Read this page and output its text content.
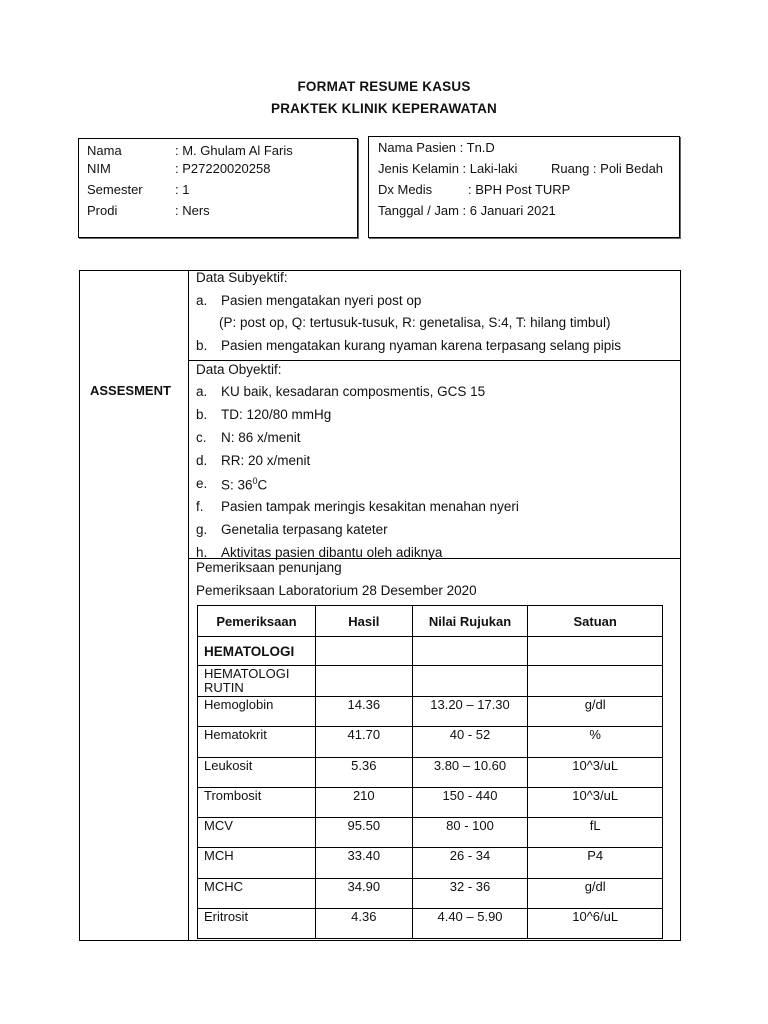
FORMAT RESUME KASUS
PRAKTEK KLINIK KEPERAWATAN
Nama	: M. Ghulam Al Faris
NIM	: P27220020258
Semester : 1
Prodi	: Ners
Nama Pasien : Tn.D
Jenis Kelamin : Laki-laki	Ruang : Poli Bedah
Dx Medis	: BPH Post TURP
Tanggal / Jam : 6 Januari 2021
ASSESMENT
Data Subyektif:
a. Pasien mengatakan nyeri post op
(P: post op, Q: tertusuk-tusuk, R: genetalisa, S:4, T: hilang timbul)
b. Pasien mengatakan kurang nyaman karena terpasang selang pipis
Data Obyektif:
a. KU baik, kesadaran composmentis, GCS 15
b. TD: 120/80 mmHg
c. N: 86 x/menit
d. RR: 20 x/menit
e. S: $36^0C$
f. Pasien tampak meringis kesakitan menahan nyeri
g. Genetalia terpasang kateter
h. Aktivitas pasien dibantu oleh adiknya
Pemeriksaan penunjang
Pemeriksaan Laboratorium 28 Desember 2020
Pemeriksaan	Hasil	Nilai Rujukan	Satuan
HEMATOLOGI			
HEMATOLOGI
RUTIN			
Hemoglobin	14.36	13.20 – 17.30	g/dl
Hematokrit	41.70	40 - 52	%
Leukosit	5.36	3.80 – 10.60	10^3/uL
Trombosit	210	150 - 440	10^3/uL
MCV	95.50	80 - 100	fL
MCH	33.40	26 - 34	P4
MCHC	34.90	32 - 36	g/dl
Eritrosit	4.36	4.40 – 5.90	10^6/uL
